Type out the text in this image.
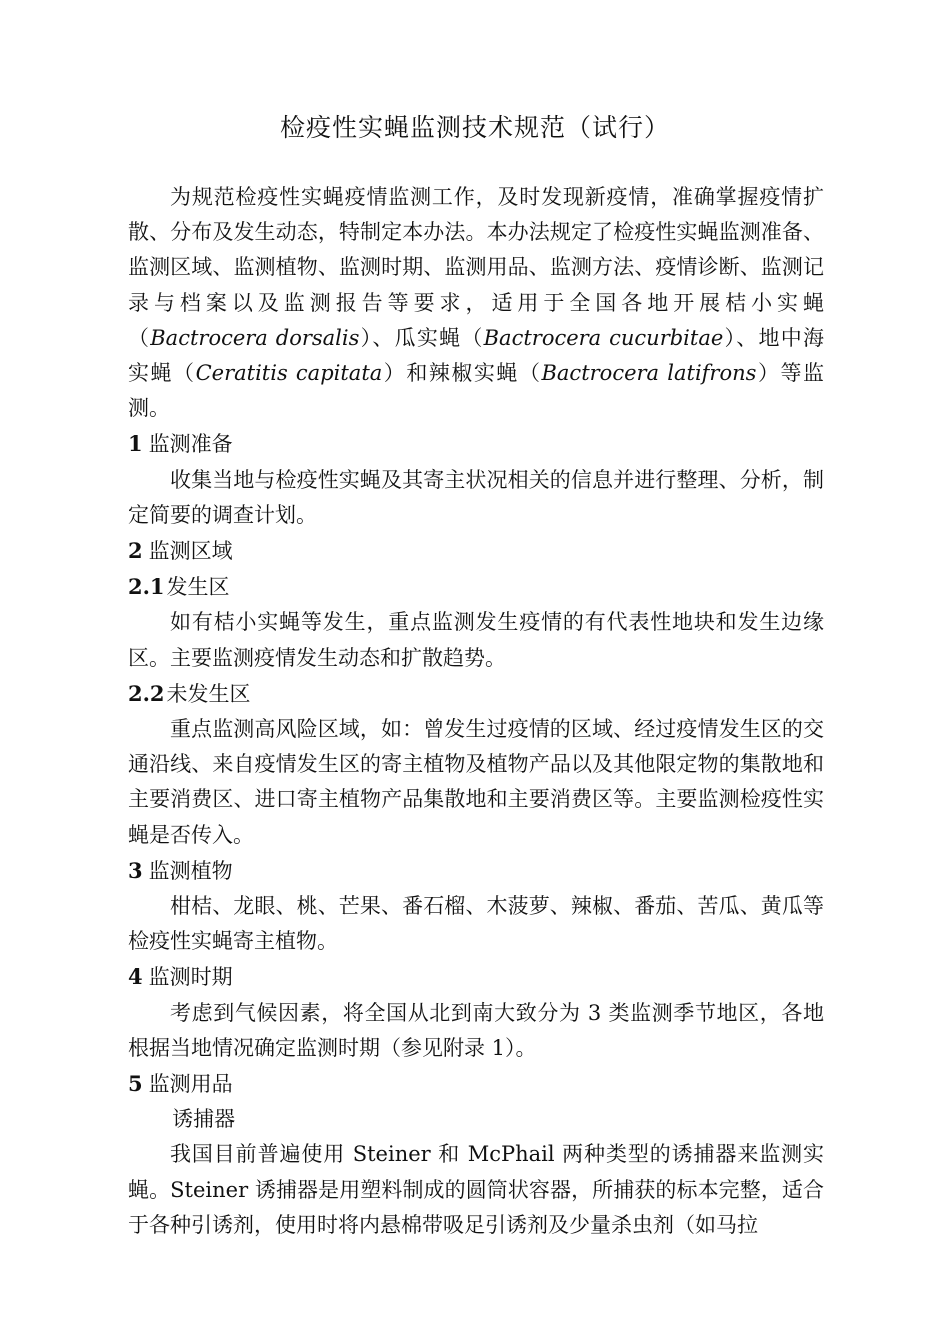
检疫性实蝇监测技术规范（试行）

为规范检疫性实蝇疫情监测工作，及时发现新疫情，准确掌握疫情扩散、分布及发生动态，特制定本办法。本办法规定了检疫性实蝇监测准备、监测区域、监测植物、监测时期、监测用品、监测方法、疫情诊断、监测记录与档案以及监测报告等要求，适用于全国各地开展桔小实蝇（Bactrocera dorsalis）、瓜实蝇（Bactrocera cucurbitae）、地中海实蝇（Ceratitis capitata）和辣椒实蝇（Bactrocera latifrons）等监测。

1 监测准备

收集当地与检疫性实蝇及其寄主状况相关的信息并进行整理、分析，制定简要的调查计划。

2 监测区域

2.1发生区

如有桔小实蝇等发生，重点监测发生疫情的有代表性地块和发生边缘区。主要监测疫情发生动态和扩散趋势。

2.2未发生区

重点监测高风险区域，如：曾发生过疫情的区域、经过疫情发生区的交通沿线、来自疫情发生区的寄主植物及植物产品以及其他限定物的集散地和主要消费区、进口寄主植物产品集散地和主要消费区等。主要监测检疫性实蝇是否传入。

3 监测植物

柑桔、龙眼、桃、芒果、番石榴、木菠萝、辣椒、番茄、苦瓜、黄瓜等检疫性实蝇寄主植物。

4 监测时期

考虑到气候因素，将全国从北到南大致分为 3 类监测季节地区，各地根据当地情况确定监测时期（参见附录 1）。

5 监测用品

诱捕器

我国目前普遍使用 Steiner 和 McPhail 两种类型的诱捕器来监测实蝇。Steiner 诱捕器是用塑料制成的圆筒状容器，所捕获的标本完整，适合于各种引诱剂，使用时将内悬棉带吸足引诱剂及少量杀虫剂（如马拉
